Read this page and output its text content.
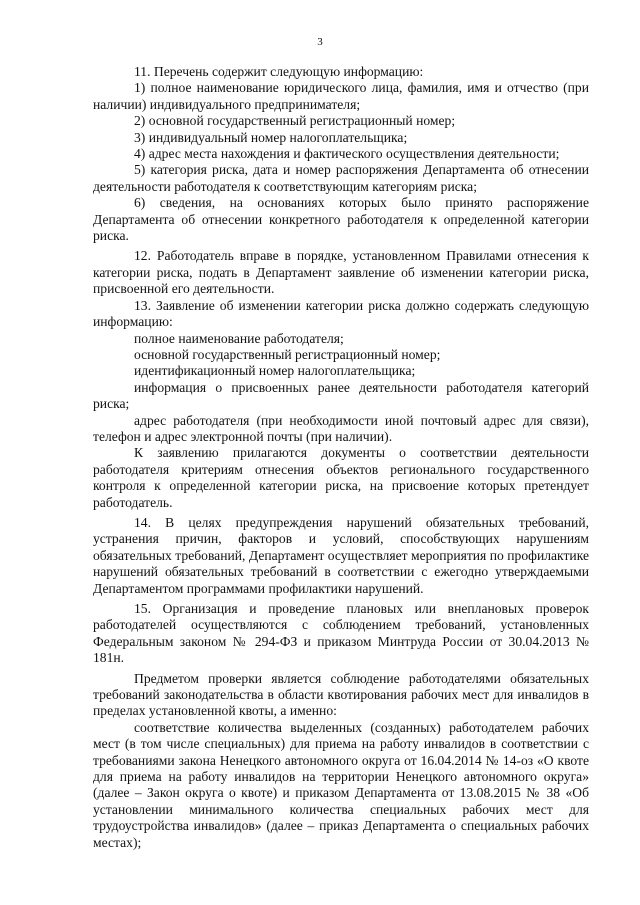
3

11. Перечень содержит следующую информацию:

1) полное наименование юридического лица, фамилия, имя и отчество (при наличии) индивидуального предпринимателя;

2) основной государственный регистрационный номер;

3) индивидуальный номер налогоплательщика;

4) адрес места нахождения и фактического осуществления деятельности;

5) категория риска, дата и номер распоряжения Департамента об отнесении деятельности работодателя к соответствующим категориям риска;

6) сведения, на основаниях которых было принято распоряжение Департамента об отнесении конкретного работодателя к определенной категории риска.

12. Работодатель вправе в порядке, установленном Правилами отнесения к категории риска, подать в Департамент заявление об изменении категории риска, присвоенной его деятельности.

13. Заявление об изменении категории риска должно содержать следующую информацию:

полное наименование работодателя;

основной государственный регистрационный номер;

идентификационный номер налогоплательщика;

информация о присвоенных ранее деятельности работодателя категорий риска;

адрес работодателя (при необходимости иной почтовый адрес для связи), телефон и адрес электронной почты (при наличии).

К заявлению прилагаются документы о соответствии деятельности работодателя критериям отнесения объектов регионального государственного контроля к определенной категории риска, на присвоение которых претендует работодатель.

14. В целях предупреждения нарушений обязательных требований, устранения причин, факторов и условий, способствующих нарушениям обязательных требований, Департамент осуществляет мероприятия по профилактике нарушений обязательных требований в соответствии с ежегодно утверждаемыми Департаментом программами профилактики нарушений.

15. Организация и проведение плановых или внеплановых проверок работодателей осуществляются с соблюдением требований, установленных Федеральным законом № 294-ФЗ и приказом Минтруда России от 30.04.2013 № 181н.

Предметом проверки является соблюдение работодателями обязательных требований законодательства в области квотирования рабочих мест для инвалидов в пределах установленной квоты, а именно:

соответствие количества выделенных (созданных) работодателем рабочих мест (в том числе специальных) для приема на работу инвалидов в соответствии с требованиями закона Ненецкого автономного округа от 16.04.2014 № 14-оз «О квоте для приема на работу инвалидов на территории Ненецкого автономного округа» (далее – Закон округа о квоте) и приказом Департамента от 13.08.2015 № 38 «Об установлении минимального количества специальных рабочих мест для трудоустройства инвалидов» (далее – приказ Департамента о специальных рабочих местах);
